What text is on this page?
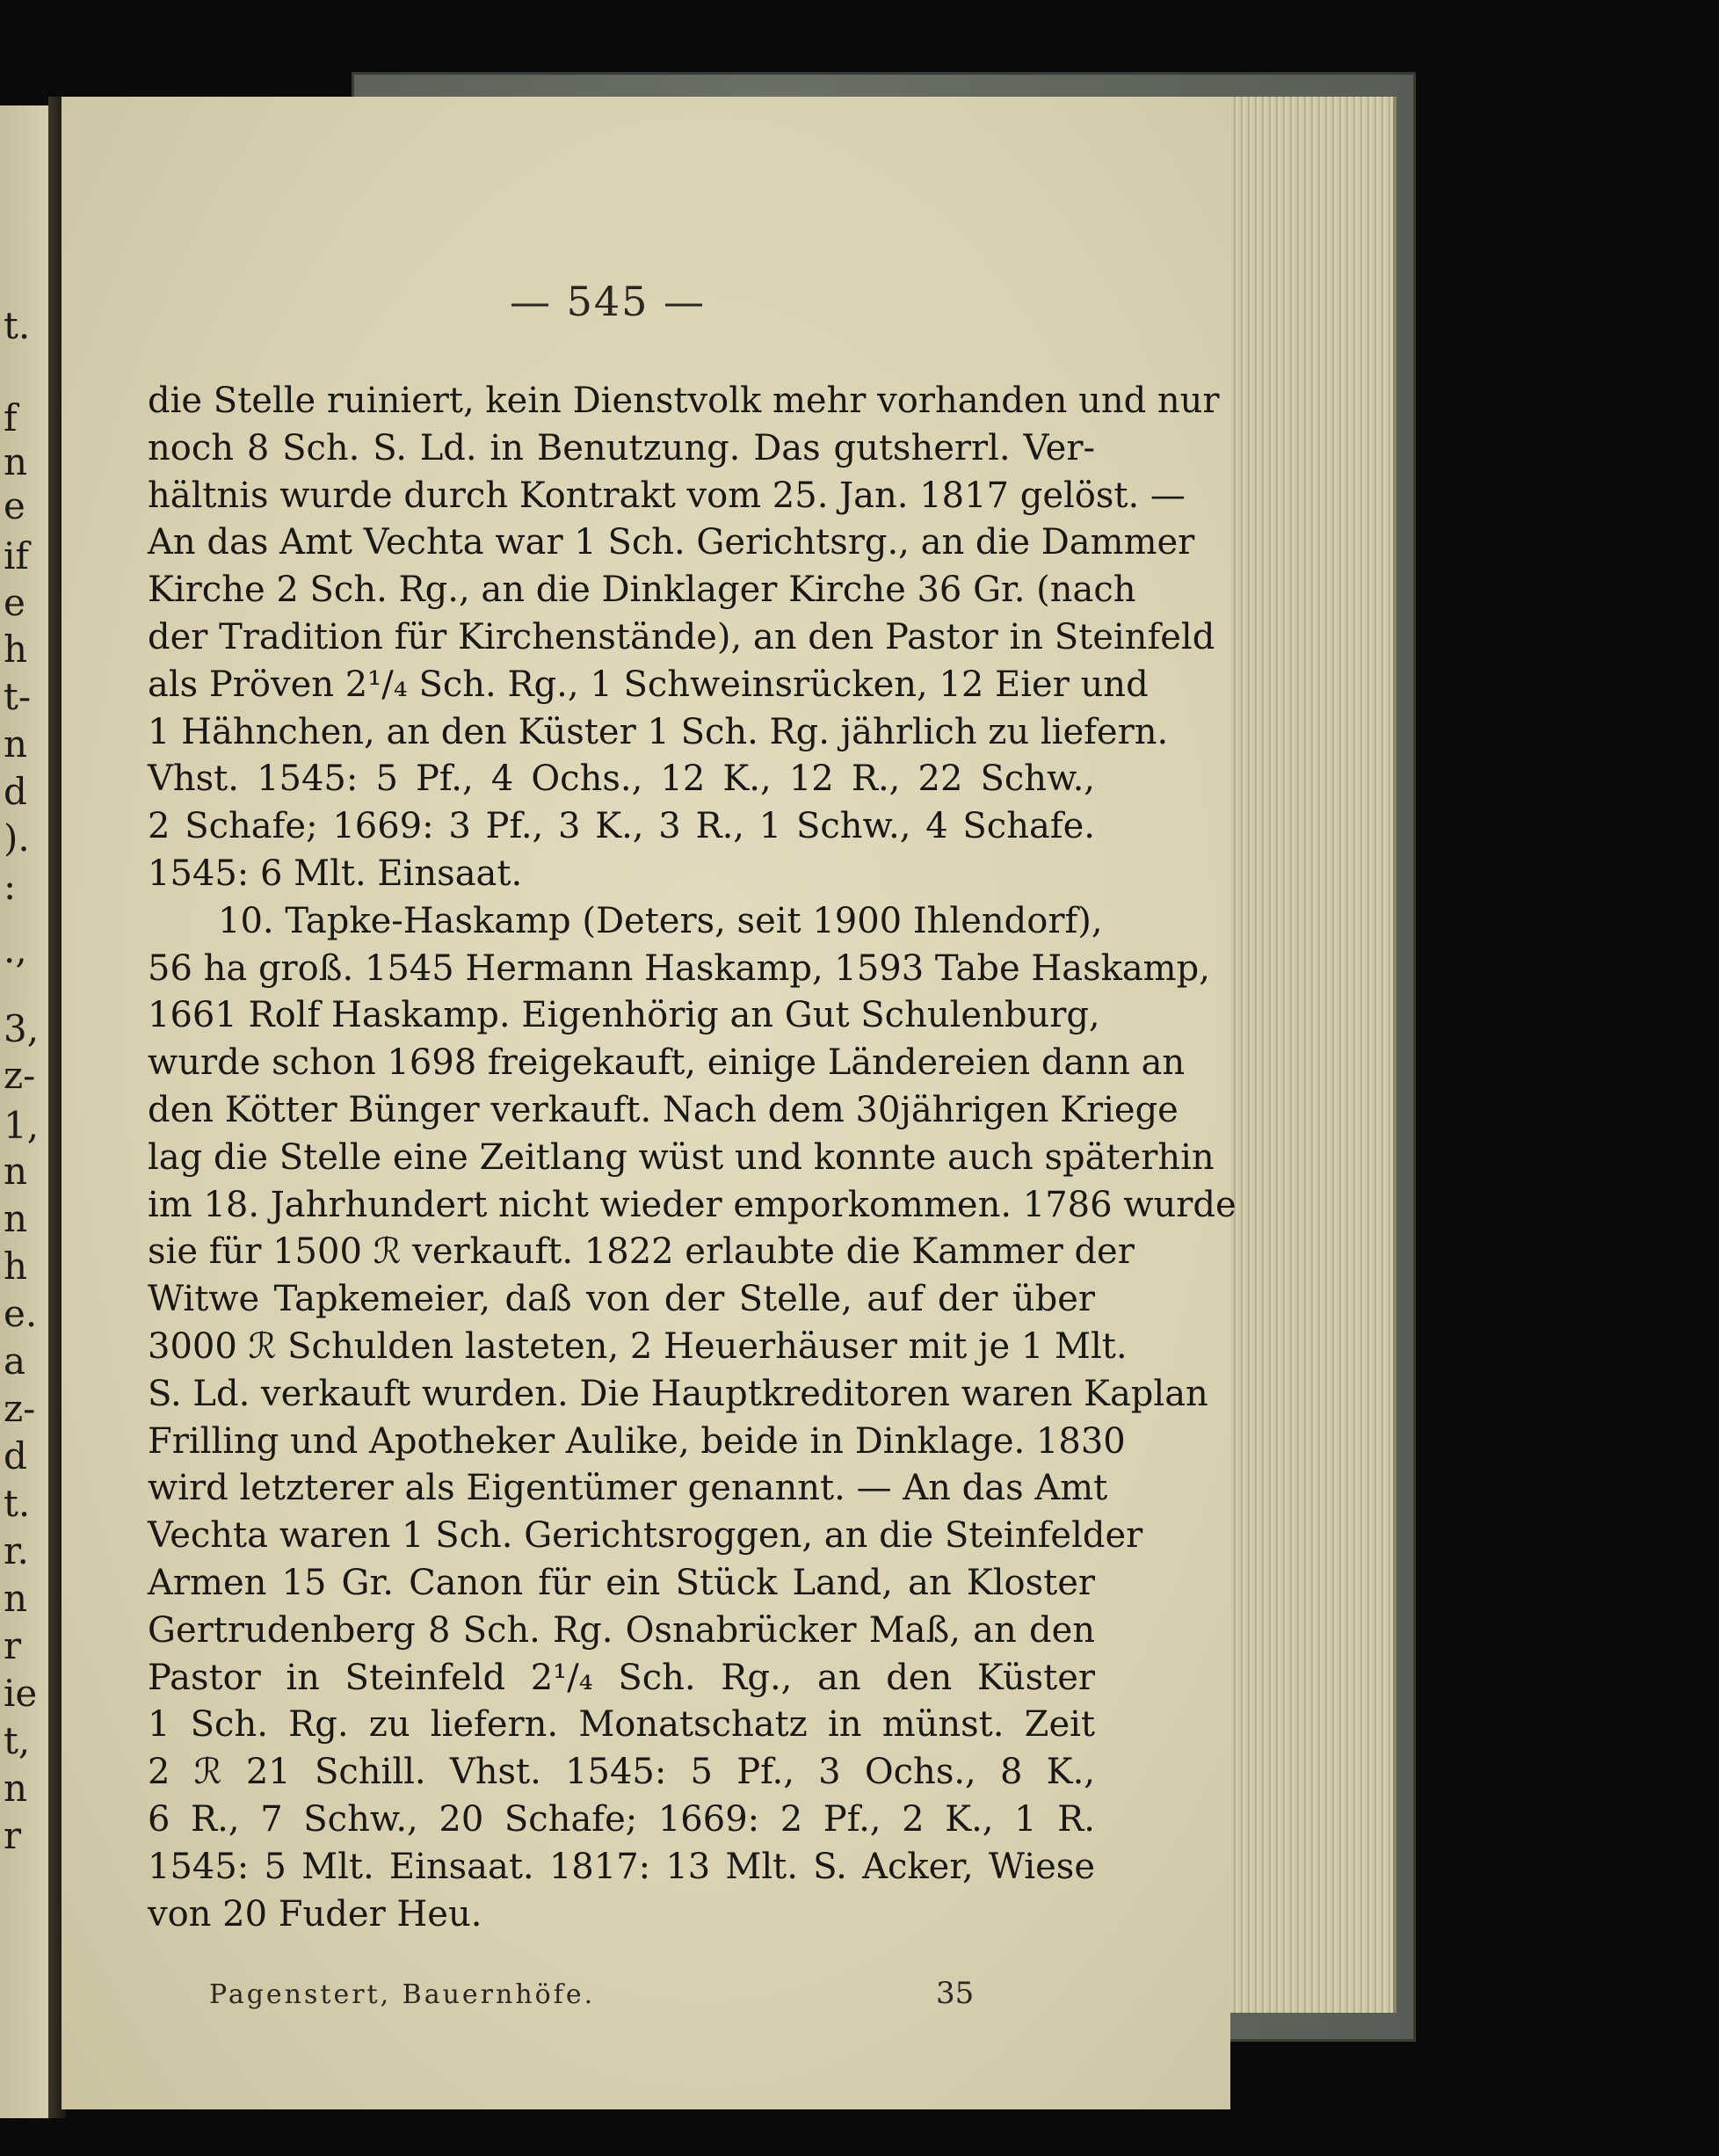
— 545 —
die Stelle ruiniert, kein Dienstvolk mehr vorhanden und nur
noch 8 Sch. S. Ld. in Benutzung. Das gutsherrl. Ver-
hältnis wurde durch Kontrakt vom 25. Jan. 1817 gelöst. —
An das Amt Vechta war 1 Sch. Gerichtsrg., an die Dammer
Kirche 2 Sch. Rg., an die Dinklager Kirche 36 Gr. (nach
der Tradition für Kirchenstände), an den Pastor in Steinfeld
als Pröven 2¹/₄ Sch. Rg., 1 Schweinsrücken, 12 Eier und
1 Hähnchen, an den Küster 1 Sch. Rg. jährlich zu liefern.
Vhst. 1545: 5 Pf., 4 Ochs., 12 K., 12 R., 22 Schw.,
2 Schafe; 1669: 3 Pf., 3 K., 3 R., 1 Schw., 4 Schafe.
1545: 6 Mlt. Einsaat.
10. Tapke-Haskamp (Deters, seit 1900 Ihlendorf),
56 ha groß. 1545 Hermann Haskamp, 1593 Tabe Haskamp,
1661 Rolf Haskamp. Eigenhörig an Gut Schulenburg,
wurde schon 1698 freigekauft, einige Ländereien dann an
den Kötter Bünger verkauft. Nach dem 30jährigen Kriege
lag die Stelle eine Zeitlang wüst und konnte auch späterhin
im 18. Jahrhundert nicht wieder emporkommen. 1786 wurde
sie für 1500 ℛ verkauft. 1822 erlaubte die Kammer der
Witwe Tapkemeier, daß von der Stelle, auf der über
3000 ℛ Schulden lasteten, 2 Heuerhäuser mit je 1 Mlt.
S. Ld. verkauft wurden. Die Hauptkreditoren waren Kaplan
Frilling und Apotheker Aulike, beide in Dinklage. 1830
wird letzterer als Eigentümer genannt. — An das Amt
Vechta waren 1 Sch. Gerichtsroggen, an die Steinfelder
Armen 15 Gr. Canon für ein Stück Land, an Kloster
Gertrudenberg 8 Sch. Rg. Osnabrücker Maß, an den
Pastor in Steinfeld 2¹/₄ Sch. Rg., an den Küster
1 Sch. Rg. zu liefern. Monatschatz in münst. Zeit
2 ℛ 21 Schill. Vhst. 1545: 5 Pf., 3 Ochs., 8 K.,
6 R., 7 Schw., 20 Schafe; 1669: 2 Pf., 2 K., 1 R.
1545: 5 Mlt. Einsaat. 1817: 13 Mlt. S. Acker, Wiese
von 20 Fuder Heu.
Pagenstert, Bauernhöfe.	35
t.
f
n
e
if
e
h
t-
n
d
).
:
.,
3,
z-
1,
n
n
h
e.
a
z-
d
t.
r.
n
r
ie
t,
n
r
